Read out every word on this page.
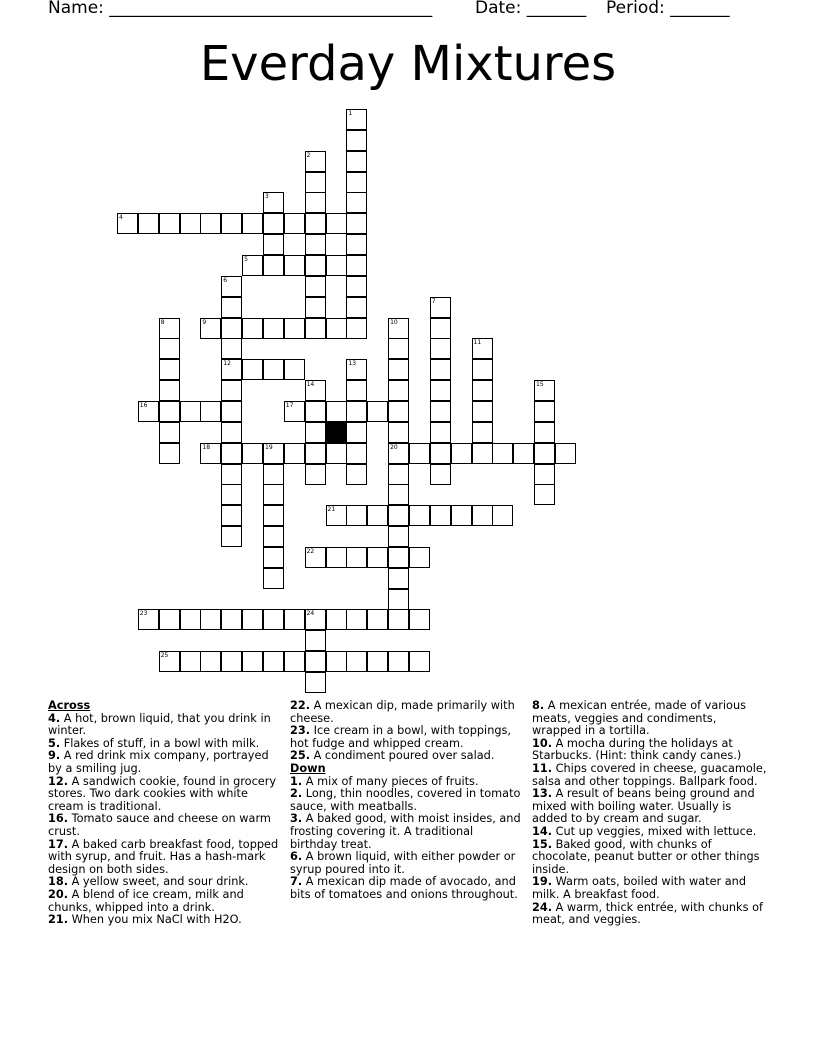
Name: ______________________________________	Date: _______ Period: _______
Everday Mixtures
1
2
3
4
5
6
12
7
8	9	10
20
11
13
14	15
16	17
18	19
21
22
23	24
25
Across
4. A hot, brown liquid, that you drink in winter.
5. Flakes of stuff, in a bowl with milk.
9. A red drink mix company, portrayed by a smiling jug.
12. A sandwich cookie, found in grocery stores. Two dark cookies with white cream is traditional.
16. Tomato sauce and cheese on warm crust.
17. A baked carb breakfast food, topped with syrup, and fruit. Has a hash-mark design on both sides.
18. A yellow sweet, and sour drink.
20. A blend of ice cream, milk and chunks, whipped into a drink.
21. When you mix NaCl with H2O.
22. A mexican dip, made primarily with cheese.
23. Ice cream in a bowl, with toppings, hot fudge and whipped cream.
25. A condiment poured over salad.
Down
1. A mix of many pieces of fruits.
2. Long, thin noodles, covered in tomato sauce, with meatballs.
3. A baked good, with moist insides, and frosting covering it. A traditional birthday treat.
6. A brown liquid, with either powder or syrup poured into it.
7. A mexican dip made of avocado, and bits of tomatoes and onions throughout.
8. A mexican entrée, made of various meats, veggies and condiments, wrapped in a tortilla.
10. A mocha during the holidays at Starbucks. (Hint: think candy canes.)
11. Chips covered in cheese, guacamole, salsa and other toppings. Ballpark food.
13. A result of beans being ground and mixed with boiling water. Usually is added to by cream and sugar.
14. Cut up veggies, mixed with lettuce.
15. Baked good, with chunks of chocolate, peanut butter or other things inside.
19. Warm oats, boiled with water and milk. A breakfast food.
24. A warm, thick entrée, with chunks of meat, and veggies.
